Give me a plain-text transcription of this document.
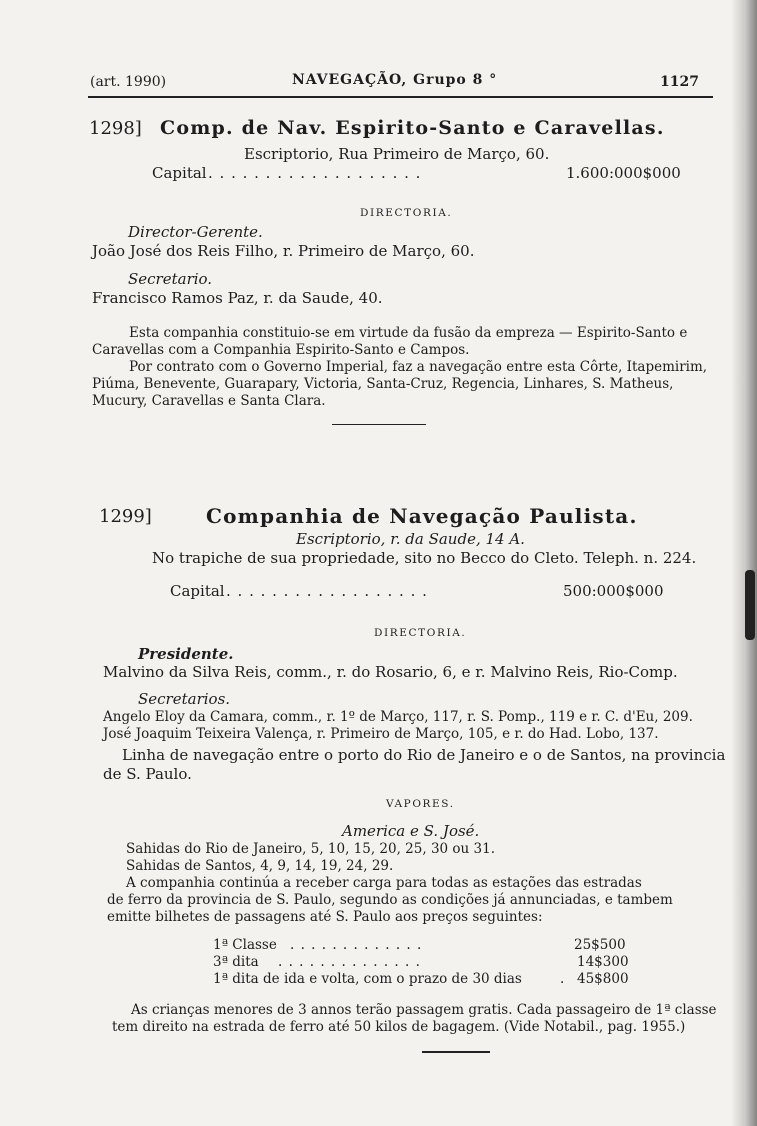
(art. 1990)	NAVEGAÇÃO, Grupo 8 °	1127
1298] Comp. de Nav. Espirito-Santo e Caravellas.
Escriptorio, Rua Primeiro de Março, 60.
Capital . . . . . . . . . . . . . . . . . . .	1.600:000$000
DIRECTORIA.
Director-Gerente.
João José dos Reis Filho, r. Primeiro de Março, 60.
Secretario.
Francisco Ramos Paz, r. da Saude, 40.
Esta companhia constituio-se em virtude da fusão da empreza — Espirito-Santo e
Caravellas com a Companhia Espirito-Santo e Campos.
Por contrato com o Governo Imperial, faz a navegação entre esta Côrte, Itapemirim,
Piúma, Benevente, Guarapary, Victoria, Santa-Cruz, Regencia, Linhares, S. Matheus,
Mucury, Caravellas e Santa Clara.
1299]	Companhia de Navegação Paulista.
Escriptorio, r. da Saude, 14 A.
No trapiche de sua propriedade, sito no Becco do Cleto. Teleph. n. 224.
Capital . . . . . . . . . . . . . . . . . .	500:000$000
DIRECTORIA.
Presidente.
Malvino da Silva Reis, comm., r. do Rosario, 6, e r. Malvino Reis, Rio-Comp.
Secretarios.
Angelo Eloy da Camara, comm., r. 1º de Março, 117, r. S. Pomp., 119 e r. C. d'Eu, 209.
José Joaquim Teixeira Valença, r. Primeiro de Março, 105, e r. do Had. Lobo, 137.
Linha de navegação entre o porto do Rio de Janeiro e o de Santos, na provincia
de S. Paulo.
VAPORES.
America e S. José.
Sahidas do Rio de Janeiro, 5, 10, 15, 20, 25, 30 ou 31.
Sahidas de Santos, 4, 9, 14, 19, 24, 29.
A companhia continúa a receber carga para todas as estações das estradas
de ferro da provincia de S. Paulo, segundo as condições já annunciadas, e tambem
emitte bilhetes de passagens até S. Paulo aos preços seguintes:
1ª Classe . . . . . . . . . . . . .	25$500
3ª dita . . . . . . . . . . . . . .	14$300
1ª dita de ida e volta, com o prazo de 30 dias	. 45$800
As crianças menores de 3 annos terão passagem gratis. Cada passageiro de 1ª classe
tem direito na estrada de ferro até 50 kilos de bagagem. (Vide Notabil., pag. 1955.)
